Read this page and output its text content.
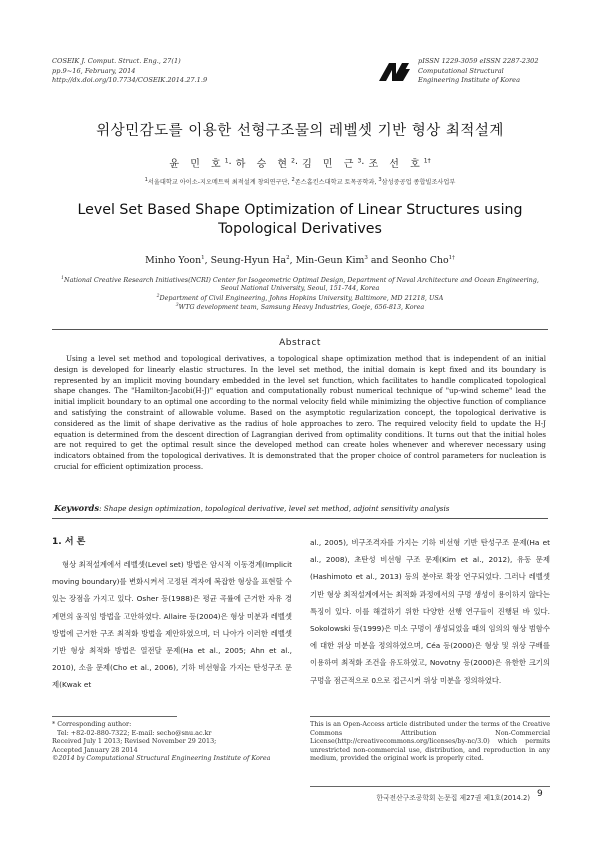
COSEIK J. Comput. Struct. Eng., 27(1)
pp.9~16, February, 2014
http://dx.doi.org/10.7734/COSEIK.2014.27.1.9
pISSN 1229-3059 eISSN 2287-2302
Computational Structural
Engineering Institute of Korea
위상민감도를 이용한 선형구조물의 레벨셋 기반 형상 최적설계
윤 민 호$^1$·하 승 현$^2$·김 민 근$^3$·조 선 호$^{1\dagger}$
$^1$서울대학교 아이소-지오메트릭 최적설계 창의연구단, $^2$존스홉킨스대학교 토목공학과, $^3$삼성중공업 종합빌조사업부
Level Set Based Shape Optimization of Linear Structures using
Topological Derivatives
Minho Yoon$^1$, Seung-Hyun Ha$^2$, Min-Geun Kim$^3$ and Seonho Cho$^{1\dagger}$
$^1$National Creative Research Initiatives(NCRI) Center for Isogeometric Optimal Design, Department of Naval Architecture and Ocean Engineering, Seoul National University, Seoul, 151-744, Korea
$^2$Department of Civil Engineering, Johns Hopkins University, Baltimore, MD 21218, USA
$^3$WTG development team, Samsung Heavy Industries, Goeje, 656-813, Korea
Abstract
Using a level set method and topological derivatives, a topological shape optimization method that is independent of an initial design is developed for linearly elastic structures. In the level set method, the initial domain is kept fixed and its boundary is represented by an implicit moving boundary embedded in the level set function, which facilitates to handle complicated topological shape changes. The "Hamilton-Jacobi(H-J)" equation and computationally robust numerical technique of "up-wind scheme" lead the initial implicit boundary to an optimal one according to the normal velocity field while minimizing the objective function of compliance and satisfying the constraint of allowable volume. Based on the asymptotic regularization concept, the topological derivative is considered as the limit of shape derivative as the radius of hole approaches to zero. The required velocity field to update the H-J equation is determined from the descent direction of Lagrangian derived from optimality conditions. It turns out that the initial holes are not required to get the optimal result since the developed method can create holes whenever and wherever necessary using indicators obtained from the topological derivatives. It is demonstrated that the proper choice of control parameters for nucleation is crucial for efficient optimization process.
Keywords: Shape design optimization, topological derivative, level set method, adjoint sensitivity analysis
1. 서 론
형상 최적설계에서 레벨셋(Level set) 방법은 암시적 이동경계(Implicit moving boundary)를 변화시켜서 고정된 격자에 복잡한 형상을 표현할 수 있는 장점을 가지고 있다. Osher 등(1988)은 평균 곡률에 근거한 자유 경계면의 움직임 방법을 고안하였다. Allaire 등(2004)은 형상 미분과 레벨셋 방법에 근거한 구조 최적화 방법을 제안하였으며, 더 나아가 이러한 레벨셋 기반 형상 최적화 방법은 열전달 문제(Ha et al., 2005; Ahn et al., 2010), 소음 문제(Cho et al., 2006), 기하 비선형을 가지는 탄성구조 문제(Kwak et
al., 2005), 비구조격자를 가지는 기하 비선형 기반 탄성구조 문제(Ha et al., 2008), 초탄성 비선형 구조 문제(Kim et al., 2012), 유동 문제(Hashimoto et al., 2013) 등의 분야로 확장 연구되었다. 그러나 레벨셋 기반 형상 최적설계에서는 최적화 과정에서의 구멍 생성이 용이하지 않다는 특징이 있다. 이를 해결하기 위한 다양한 선행 연구들이 진행된 바 있다. Sokolowski 등(1999)은 미소 구멍이 생성되었을 때의 임의의 형상 범함수에 대한 위상 미분을 정의하였으며, Céa 등(2000)은 형상 및 위상 구배를 이용하여 최적화 조건을 유도하였고, Novotny 등(2000)은 유한한 크기의 구멍을 점근적으로 0으로 접근시켜 위상 미분을 정의하였다.
* Corresponding author:
Tel: +82-02-880-7322; E-mail: secho@snu.ac.kr
Received July 1 2013; Revised November 29 2013;
Accepted January 28 2014
©2014 by Computational Structural Engineering Institute of Korea
This is an Open-Access article distributed under the terms of the Creative Commons Attribution Non-Commercial License(http://creativecommons.org/licenses/by-nc/3.0) which permits unrestricted non-commercial use, distribution, and reproduction in any medium, provided the original work is properly cited.
한국전산구조공학회 논문집 제27권 제1호(2014.2) 9
